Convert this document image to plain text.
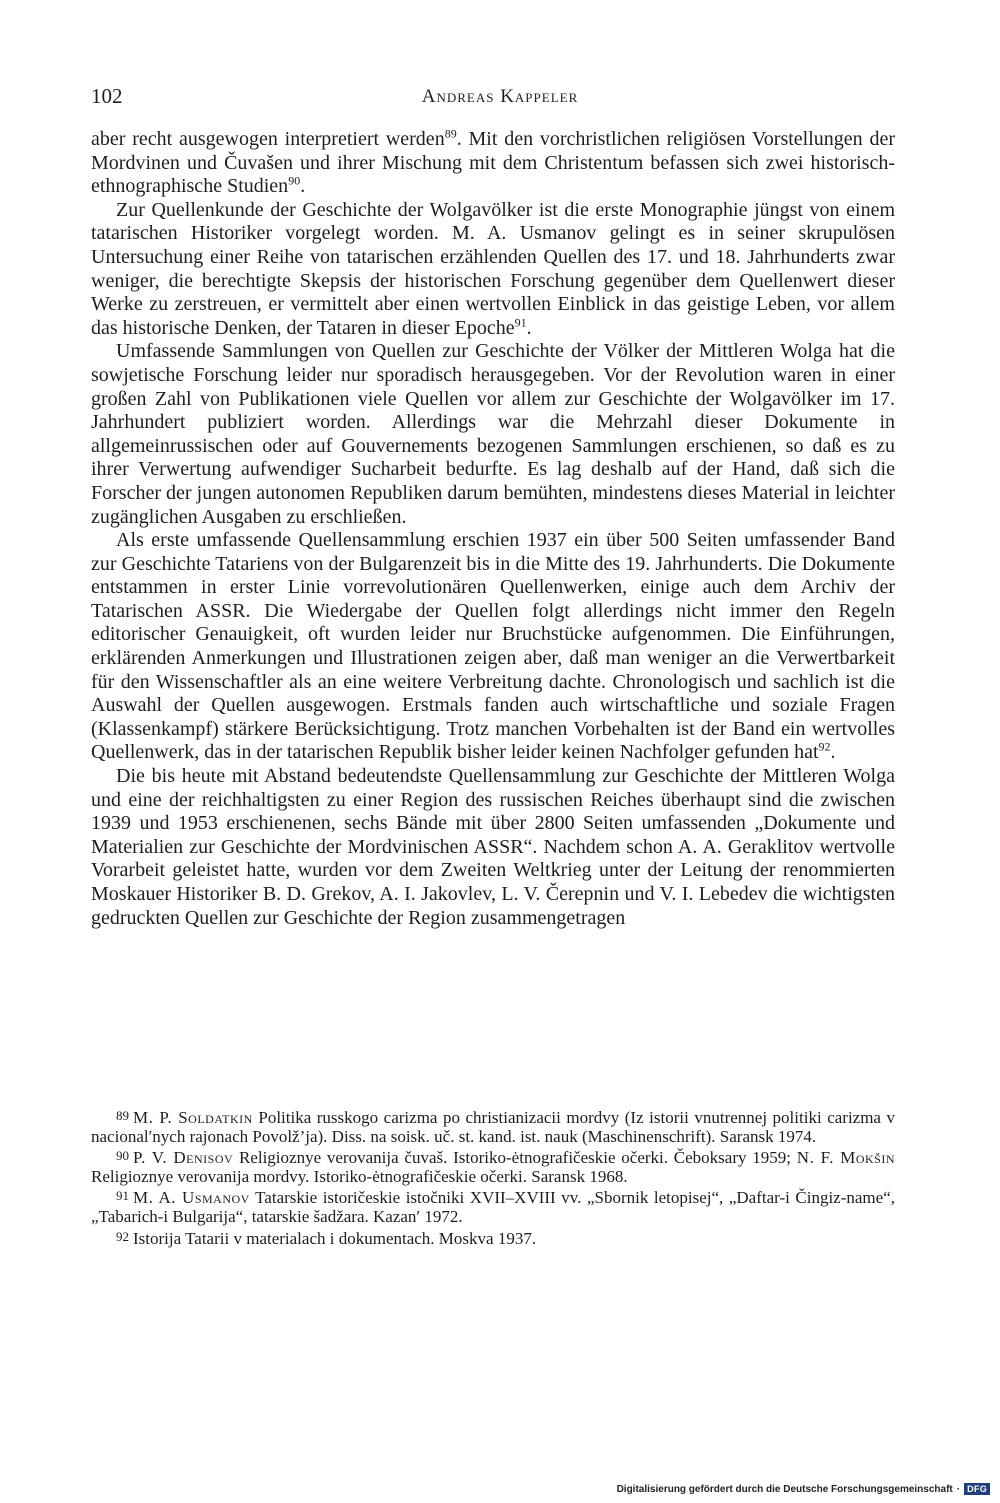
102	Andreas Kappeler

aber recht ausgewogen interpretiert werden$^{89}$. Mit den vorchristlichen religiösen Vorstellungen der Mordvinen und Čuvašen und ihrer Mischung mit dem Christentum befassen sich zwei historisch-ethnographische Studien$^{90}$.

Zur Quellenkunde der Geschichte der Wolgavölker ist die erste Monographie jüngst von einem tatarischen Historiker vorgelegt worden. M. A. Usmanov gelingt es in seiner skrupulösen Untersuchung einer Reihe von tatarischen erzählenden Quellen des 17. und 18. Jahrhunderts zwar weniger, die berechtigte Skepsis der historischen Forschung gegenüber dem Quellenwert dieser Werke zu zerstreuen, er vermittelt aber einen wertvollen Einblick in das geistige Leben, vor allem das historische Denken, der Tataren in dieser Epoche$^{91}$.

Umfassende Sammlungen von Quellen zur Geschichte der Völker der Mittleren Wolga hat die sowjetische Forschung leider nur sporadisch herausgegeben. Vor der Revolution waren in einer großen Zahl von Publikationen viele Quellen vor allem zur Geschichte der Wolgavölker im 17. Jahrhundert publiziert worden. Allerdings war die Mehrzahl dieser Dokumente in allgemeinrussischen oder auf Gouvernements bezogenen Sammlungen erschienen, so daß es zu ihrer Verwertung aufwendiger Sucharbeit bedurfte. Es lag deshalb auf der Hand, daß sich die Forscher der jungen autonomen Republiken darum bemühten, mindestens dieses Material in leichter zugänglichen Ausgaben zu erschließen.

Als erste umfassende Quellensammlung erschien 1937 ein über 500 Seiten umfassender Band zur Geschichte Tatariens von der Bulgarenzeit bis in die Mitte des 19. Jahrhunderts. Die Dokumente entstammen in erster Linie vorrevolutionären Quellenwerken, einige auch dem Archiv der Tatarischen ASSR. Die Wiedergabe der Quellen folgt allerdings nicht immer den Regeln editorischer Genauigkeit, oft wurden leider nur Bruchstücke aufgenommen. Die Einführungen, erklärenden Anmerkungen und Illustrationen zeigen aber, daß man weniger an die Verwertbarkeit für den Wissenschaftler als an eine weitere Verbreitung dachte. Chronologisch und sachlich ist die Auswahl der Quellen ausgewogen. Erstmals fanden auch wirtschaftliche und soziale Fragen (Klassenkampf) stärkere Berücksichtigung. Trotz manchen Vorbehalten ist der Band ein wertvolles Quellenwerk, das in der tatarischen Republik bisher leider keinen Nachfolger gefunden hat$^{92}$.

Die bis heute mit Abstand bedeutendste Quellensammlung zur Geschichte der Mittleren Wolga und eine der reichhaltigsten zu einer Region des russischen Reiches überhaupt sind die zwischen 1939 und 1953 erschienenen, sechs Bände mit über 2800 Seiten umfassenden „Dokumente und Materialien zur Geschichte der Mordvinischen ASSR“. Nachdem schon A. A. Geraklitov wertvolle Vorarbeit geleistet hatte, wurden vor dem Zweiten Weltkrieg unter der Leitung der renommierten Moskauer Historiker B. D. Grekov, A. I. Jakovlev, L. V. Čerepnin und V. I. Lebedev die wichtigsten gedruckten Quellen zur Geschichte der Region zusammengetragen

89 M. P. Soldatkin Politika russkogo carizma po christianizacii mordvy (Iz istorii vnutrennej politiki carizma v nacionalʹnych rajonach Povolž’ja). Diss. na soisk. uč. st. kand. ist. nauk (Maschinenschrift). Saransk 1974.

90 P. V. Denisov Religioznye verovanija čuvaš. Istoriko-ėtnografičeskie očerki. Čeboksary 1959; N. F. Mokšin Religioznye verovanija mordvy. Istoriko-ėtnografičeskie očerki. Saransk 1968.

91 M. A. Usmanov Tatarskie istoričeskie istočniki XVII–XVIII vv. „Sbornik letopisej“, „Daftar-i Čingiz-name“, „Tabarich-i Bulgarija“, tatarskie šadžara. Kazanʹ 1972.

92 Istorija Tatarii v materialach i dokumentach. Moskva 1937.

Digitalisierung gefördert durch die Deutsche Forschungsgemeinschaft · DFG
